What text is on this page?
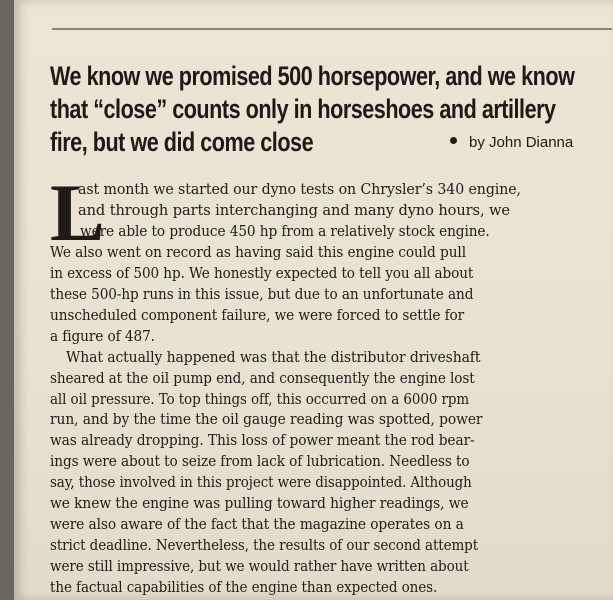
We know we promised 500 horsepower, and we know
that “close” counts only in horseshoes and artillery
fire, but we did come close	by John Dianna
L
ast month we started our dyno tests on Chrysler’s 340 engine,
and through parts interchanging and many dyno hours, we
were able to produce 450 hp from a relatively stock engine.
We also went on record as having said this engine could pull
in excess of 500 hp. We honestly expected to tell you all about
these 500-hp runs in this issue, but due to an unfortunate and
unscheduled component failure, we were forced to settle for
a figure of 487.
What actually happened was that the distributor driveshaft
sheared at the oil pump end, and consequently the engine lost
all oil pressure. To top things off, this occurred on a 6000 rpm
run, and by the time the oil gauge reading was spotted, power
was already dropping. This loss of power meant the rod bear-
ings were about to seize from lack of lubrication. Needless to
say, those involved in this project were disappointed. Although
we knew the engine was pulling toward higher readings, we
were also aware of the fact that the magazine operates on a
strict deadline. Nevertheless, the results of our second attempt
were still impressive, but we would rather have written about
the factual capabilities of the engine than expected ones.
